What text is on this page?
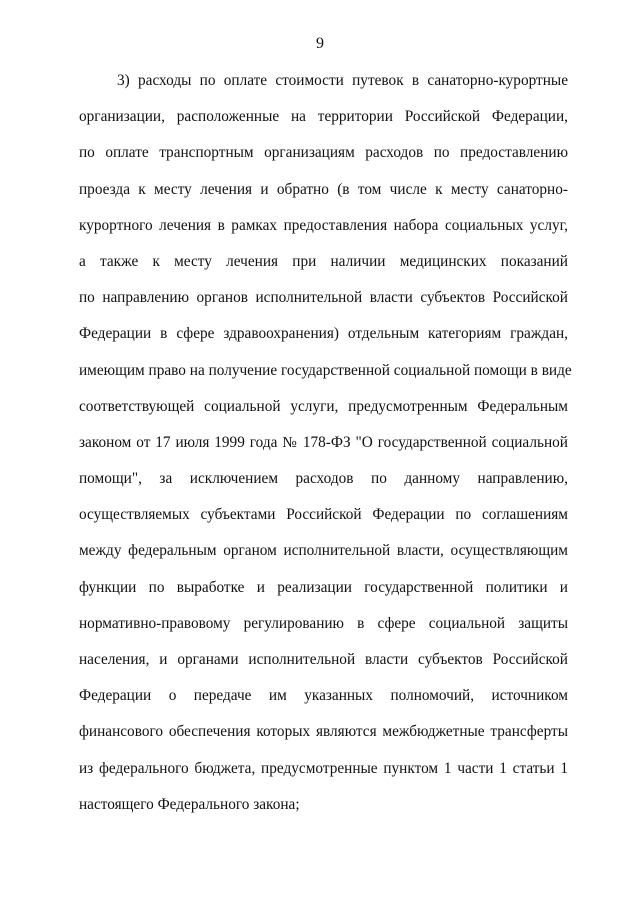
9
3) расходы по оплате стоимости путевок в санаторно-курортные
организации, расположенные на территории Российской Федерации,
по оплате транспортным организациям расходов по предоставлению
проезда к месту лечения и обратно (в том числе к месту санаторно-
курортного лечения в рамках предоставления набора социальных услуг,
а также к месту лечения при наличии медицинских показаний
по направлению органов исполнительной власти субъектов Российской
Федерации в сфере здравоохранения) отдельным категориям граждан,
имеющим право на получение государственной социальной помощи в виде
соответствующей социальной услуги, предусмотренным Федеральным
законом от 17 июля 1999 года № 178-ФЗ "О государственной социальной
помощи", за исключением расходов по данному направлению,
осуществляемых субъектами Российской Федерации по соглашениям
между федеральным органом исполнительной власти, осуществляющим
функции по выработке и реализации государственной политики и
нормативно-правовому регулированию в сфере социальной защиты
населения, и органами исполнительной власти субъектов Российской
Федерации о передаче им указанных полномочий, источником
финансового обеспечения которых являются межбюджетные трансферты
из федерального бюджета, предусмотренные пунктом 1 части 1 статьи 1
настоящего Федерального закона;
